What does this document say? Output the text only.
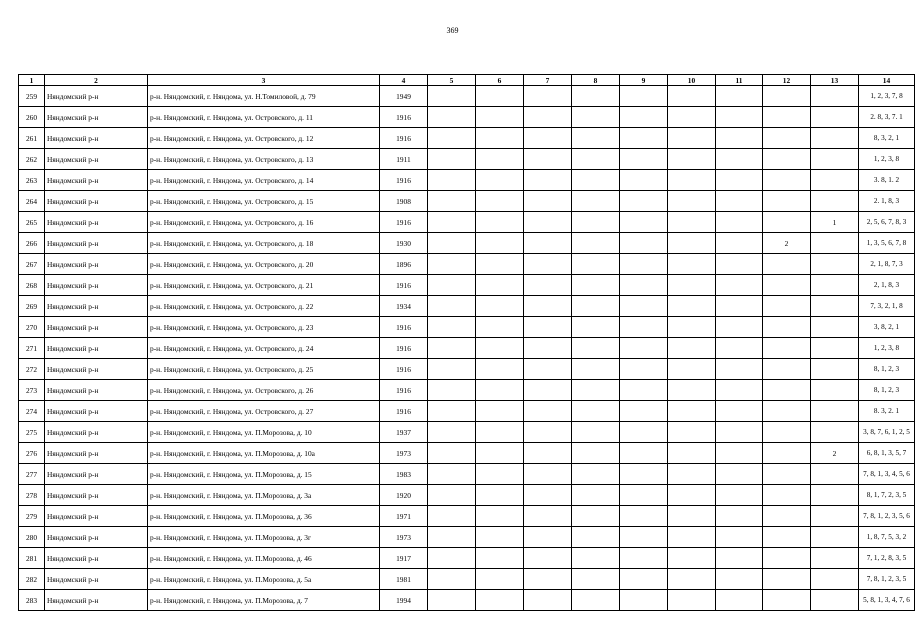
369
1	2	3	4	5	6	7	8	9	10	11	12	13	14
259	Няндомский р-н	р-н. Няндомский, г. Няндома, ул. Н.Томиловой, д. 79	1949										1, 2, 3, 7, 8
260	Няндомский р-н	р-н. Няндомский, г. Няндома, ул. Островского, д. 11	1916										2. 8, 3, 7. 1
261	Няндомский р-н	р-н. Няндомский, г. Няндома, ул. Островского, д. 12	1916										8, 3, 2, 1
262	Няндомский р-н	р-н. Няндомский, г. Няндома, ул. Островского, д. 13	1911										1, 2, 3, 8
263	Няндомский р-н	р-н. Няндомский, г. Няндома, ул. Островского, д. 14	1916										3. 8, 1. 2
264	Няндомский р-н	р-н. Няндомский, г. Няндома, ул. Островского, д. 15	1908										2. 1, 8, 3
265	Няндомский р-н	р-н. Няндомский, г. Няндома, ул. Островского, д. 16	1916									1	2, 5, 6, 7, 8, 3
266	Няндомский р-н	р-н. Няндомский, г. Няндома, ул. Островского, д. 18	1930								2		1, 3, 5, 6, 7, 8
267	Няндомский р-н	р-н. Няндомский, г. Няндома, ул. Островского, д. 20	1896										2, 1, 8, 7, 3
268	Няндомский р-н	р-н. Няндомский, г. Няндома, ул. Островского, д. 21	1916										2, 1, 8, 3
269	Няндомский р-н	р-н. Няндомский, г. Няндома, ул. Островского, д. 22	1934										7, 3, 2, 1, 8
270	Няндомский р-н	р-н. Няндомский, г. Няндома, ул. Островского, д. 23	1916										3, 8, 2, 1
271	Няндомский р-н	р-н. Няндомский, г. Няндома, ул. Островского, д. 24	1916										1, 2, 3, 8
272	Няндомский р-н	р-н. Няндомский, г. Няндома, ул. Островского, д. 25	1916										8, 1, 2, 3
273	Няндомский р-н	р-н. Няндомский, г. Няндома, ул. Островского, д. 26	1916										8, 1, 2, 3
274	Няндомский р-н	р-н. Няндомский, г. Няндома, ул. Островского, д. 27	1916										8. 3, 2. 1
275	Няндомский р-н	р-н. Няндомский, г. Няндома, ул. П.Морозова, д. 10	1937										3, 8, 7, 6, 1, 2, 5
276	Няндомский р-н	р-н. Няндомский, г. Няндома, ул. П.Морозова, д. 10а	1973									2	6, 8, 1, 3, 5, 7
277	Няндомский р-н	р-н. Няндомский, г. Няндома, ул. П.Морозова, д. 15	1983										7, 8, 1, 3, 4, 5, 6
278	Няндомский р-н	р-н. Няндомский, г. Няндома, ул. П.Морозова, д. 3а	1920										8, 1, 7, 2, 3, 5
279	Няндомский р-н	р-н. Няндомский, г. Няндома, ул. П.Морозова, д. 36	1971										7, 8, 1, 2, 3, 5, 6
280	Няндомский р-н	р-н. Няндомский, г. Няндома, ул. П.Морозова, д. 3г	1973										1, 8, 7, 5, 3, 2
281	Няндомский р-н	р-н. Няндомский, г. Няндома, ул. П.Морозова, д. 46	1917										7, 1, 2, 8, 3, 5
282	Няндомский р-н	р-н. Няндомский, г. Няндома, ул. П.Морозова, д. 5а	1981										7, 8, 1, 2, 3, 5
283	Няндомский р-н	р-н. Няндомский, г. Няндома, ул. П.Морозова, д. 7	1994										5, 8, 1, 3, 4, 7, 6
